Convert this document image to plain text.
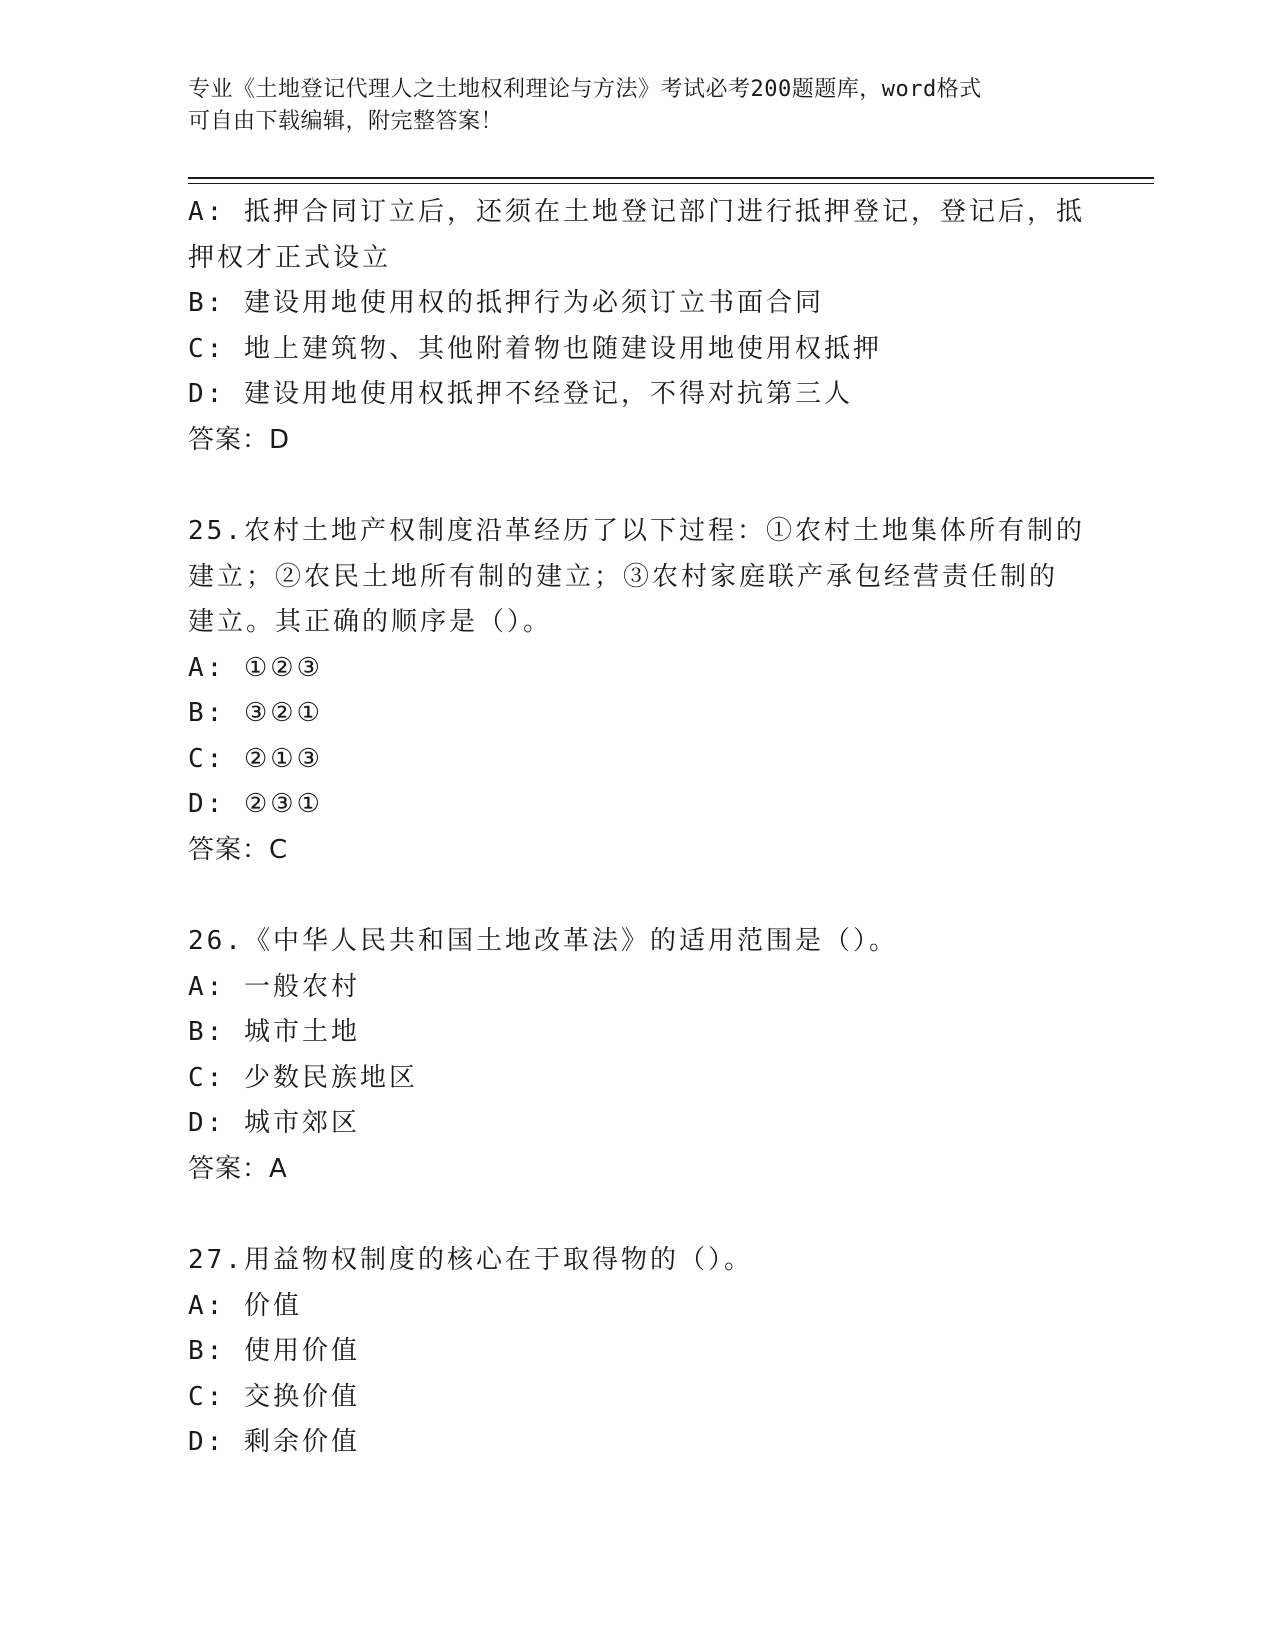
专业《土地登记代理人之土地权利理论与方法》考试必考200题题库，word格式
可自由下载编辑，附完整答案！
A: 抵押合同订立后，还须在土地登记部门进行抵押登记，登记后，抵
押权才正式设立
B: 建设用地使用权的抵押行为必须订立书面合同
C: 地上建筑物、其他附着物也随建设用地使用权抵押
D: 建设用地使用权抵押不经登记，不得对抗第三人
答案：D
25.农村土地产权制度沿革经历了以下过程：①农村土地集体所有制的
建立；②农民土地所有制的建立；③农村家庭联产承包经营责任制的
建立。其正确的顺序是（）。
A: ①②③
B: ③②①
C: ②①③
D: ②③①
答案：C
26.《中华人民共和国土地改革法》的适用范围是（）。
A: 一般农村
B: 城市土地
C: 少数民族地区
D: 城市郊区
答案：A
27.用益物权制度的核心在于取得物的（）。
A: 价值
B: 使用价值
C: 交换价值
D: 剩余价值
